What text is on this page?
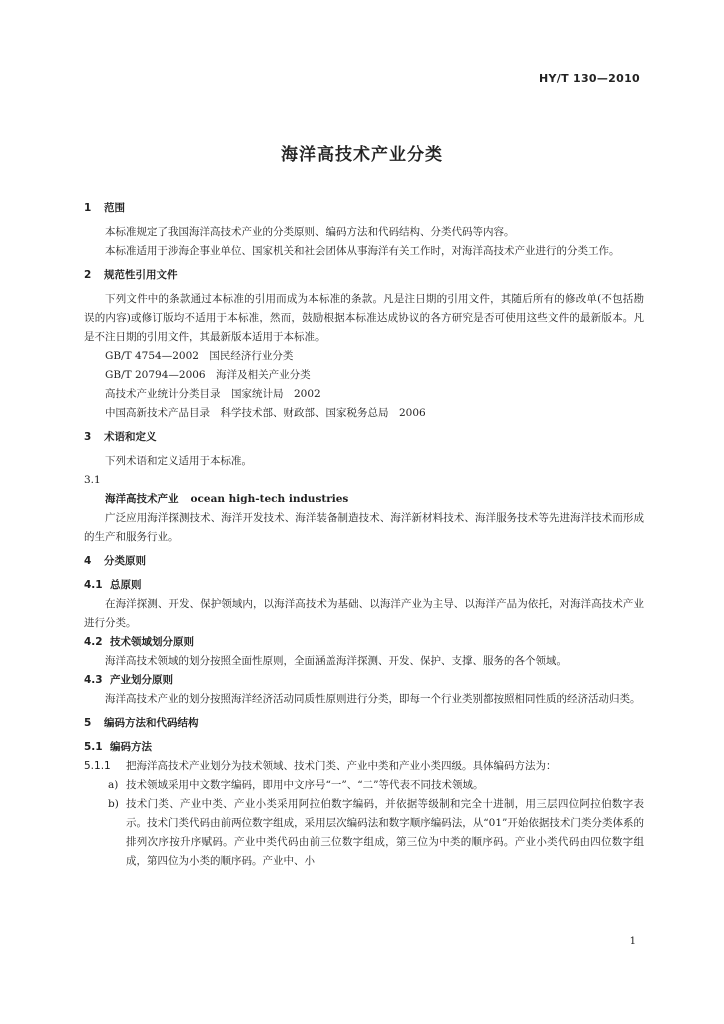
HY/T 130—2010
海洋高技术产业分类
1 范围

本标准规定了我国海洋高技术产业的分类原则、编码方法和代码结构、分类代码等内容。

本标准适用于涉海企事业单位、国家机关和社会团体从事海洋有关工作时，对海洋高技术产业进行的分类工作。

2 规范性引用文件

下列文件中的条款通过本标准的引用而成为本标准的条款。凡是注日期的引用文件，其随后所有的修改单(不包括勘误的内容)或修订版均不适用于本标准，然而，鼓励根据本标准达成协议的各方研究是否可使用这些文件的最新版本。凡是不注日期的引用文件，其最新版本适用于本标准。

GB/T 4754—2002　国民经济行业分类
GB/T 20794—2006　海洋及相关产业分类
高技术产业统计分类目录　国家统计局　2002
中国高新技术产品目录　科学技术部、财政部、国家税务总局　2006
3 术语和定义

下列术语和定义适用于本标准。

3.1
海洋高技术产业 ocean high-tech industries

广泛应用海洋探测技术、海洋开发技术、海洋装备制造技术、海洋新材料技术、海洋服务技术等先进海洋技术而形成的生产和服务行业。

4 分类原则
4.1 总原则

在海洋探测、开发、保护领域内，以海洋高技术为基础、以海洋产业为主导、以海洋产品为依托，对海洋高技术产业进行分类。

4.2 技术领域划分原则

海洋高技术领域的划分按照全面性原则，全面涵盖海洋探测、开发、保护、支撑、服务的各个领域。

4.3 产业划分原则

海洋高技术产业的划分按照海洋经济活动同质性原则进行分类，即每一个行业类别都按照相同性质的经济活动归类。

5 编码方法和代码结构
5.1 编码方法
5.1.1 把海洋高技术产业划分为技术领域、技术门类、产业中类和产业小类四级。具体编码方法为：
a) 技术领域采用中文数字编码，即用中文序号“一”、“二”等代表不同技术领域。
b) 技术门类、产业中类、产业小类采用阿拉伯数字编码，并依据等级制和完全十进制，用三层四位阿拉伯数字表示。技术门类代码由前两位数字组成，采用层次编码法和数字顺序编码法，从“01”开始依据技术门类分类体系的排列次序按升序赋码。产业中类代码由前三位数字组成，第三位为中类的顺序码。产业小类代码由四位数字组成，第四位为小类的顺序码。产业中、小
1
